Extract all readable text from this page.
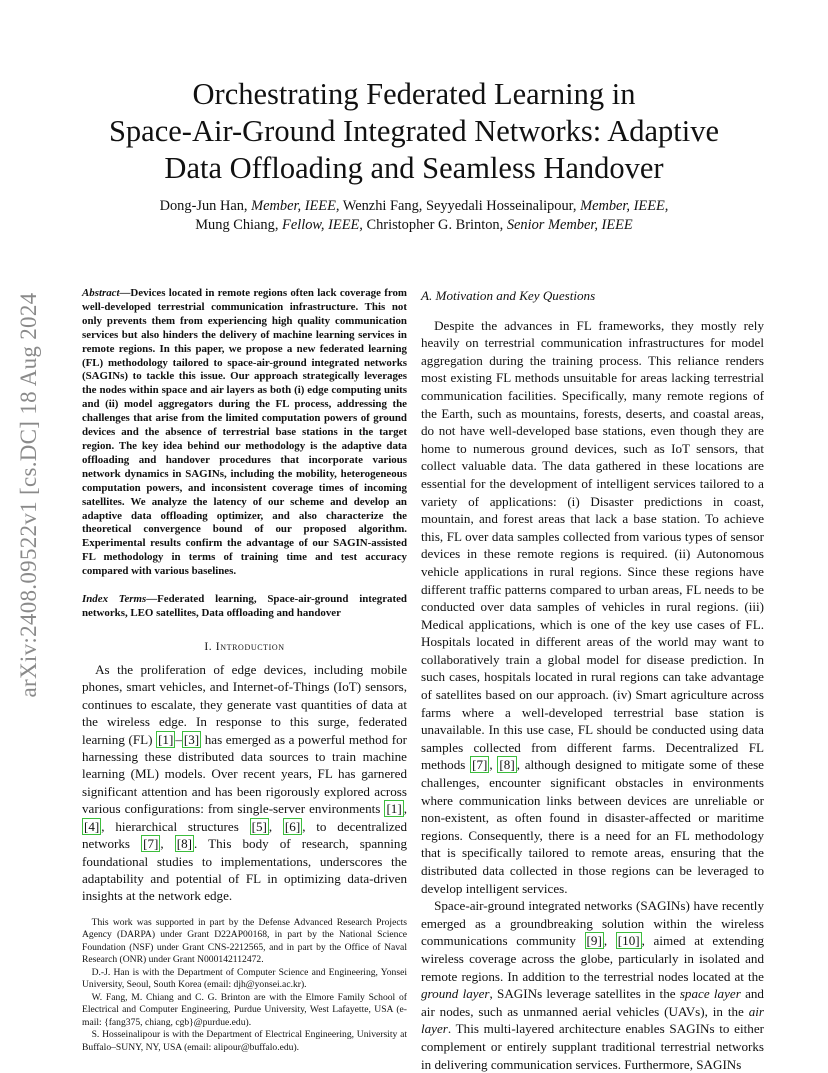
arXiv:2408.09522v1 [cs.DC] 18 Aug 2024
Orchestrating Federated Learning in
Space-Air-Ground Integrated Networks: Adaptive
Data Offloading and Seamless Handover
Dong-Jun Han, Member, IEEE, Wenzhi Fang, Seyyedali Hosseinalipour, Member, IEEE,
Mung Chiang, Fellow, IEEE, Christopher G. Brinton, Senior Member, IEEE
Abstract—Devices located in remote regions often lack coverage from well-developed terrestrial communication infrastructure. This not only prevents them from experiencing high quality communication services but also hinders the delivery of machine learning services in remote regions. In this paper, we propose a new federated learning (FL) methodology tailored to space-air-ground integrated networks (SAGINs) to tackle this issue. Our approach strategically leverages the nodes within space and air layers as both (i) edge computing units and (ii) model aggregators during the FL process, addressing the challenges that arise from the limited computation powers of ground devices and the absence of terrestrial base stations in the target region. The key idea behind our methodology is the adaptive data offloading and handover procedures that incorporate various network dynamics in SAGINs, including the mobility, heterogeneous computation powers, and inconsistent coverage times of incoming satellites. We analyze the latency of our scheme and develop an adaptive data offloading optimizer, and also characterize the theoretical convergence bound of our proposed algorithm. Experimental results confirm the advantage of our SAGIN-assisted FL methodology in terms of training time and test accuracy compared with various baselines.
Index Terms—Federated learning, Space-air-ground integrated networks, LEO satellites, Data offloading and handover
I. Introduction

As the proliferation of edge devices, including mobile phones, smart vehicles, and Internet-of-Things (IoT) sensors, continues to escalate, they generate vast quantities of data at the wireless edge. In response to this surge, federated learning (FL) [1] – [3] has emerged as a powerful method for harnessing these distributed data sources to train machine learning (ML) models. Over recent years, FL has garnered significant attention and has been rigorously explored across various configurations: from single-server environments [1] , [4] , hierarchical structures [5] , [6] , to decentralized networks [7] , [8] . This body of research, spanning foundational studies to implementations, underscores the adaptability and potential of FL in optimizing data-driven insights at the network edge.

This work was supported in part by the Defense Advanced Research Projects Agency (DARPA) under Grant D22AP00168, in part by the National Science Foundation (NSF) under Grant CNS-2212565, and in part by the Office of Naval Research (ONR) under Grant N000142112472.

D.-J. Han is with the Department of Computer Science and Engineering, Yonsei University, Seoul, South Korea (email: djh@yonsei.ac.kr).

W. Fang, M. Chiang and C. G. Brinton are with the Elmore Family School of Electrical and Computer Engineering, Purdue University, West Lafayette, USA (e-mail: {fang375, chiang, cgb}@purdue.edu).

S. Hosseinalipour is with the Department of Electrical Engineering, University at Buffalo–SUNY, NY, USA (email: alipour@buffalo.edu).

A. Motivation and Key Questions

Despite the advances in FL frameworks, they mostly rely heavily on terrestrial communication infrastructures for model aggregation during the training process. This reliance renders most existing FL methods unsuitable for areas lacking terrestrial communication facilities. Specifically, many remote regions of the Earth, such as mountains, forests, deserts, and coastal areas, do not have well-developed base stations, even though they are home to numerous ground devices, such as IoT sensors, that collect valuable data. The data gathered in these locations are essential for the development of intelligent services tailored to a variety of applications: (i) Disaster predictions in coast, mountain, and forest areas that lack a base station. To achieve this, FL over data samples collected from various types of sensor devices in these remote regions is required. (ii) Autonomous vehicle applications in rural regions. Since these regions have different traffic patterns compared to urban areas, FL needs to be conducted over data samples of vehicles in rural regions. (iii) Medical applications, which is one of the key use cases of FL. Hospitals located in different areas of the world may want to collaboratively train a global model for disease prediction. In such cases, hospitals located in rural regions can take advantage of satellites based on our approach. (iv) Smart agriculture across farms where a well-developed terrestrial base station is unavailable. In this use case, FL should be conducted using data samples collected from different farms. Decentralized FL methods [7] , [8] , although designed to mitigate some of these challenges, encounter significant obstacles in environments where communication links between devices are unreliable or non-existent, as often found in disaster-affected or maritime regions. Consequently, there is a need for an FL methodology that is specifically tailored to remote areas, ensuring that the distributed data collected in those regions can be leveraged to develop intelligent services.

Space-air-ground integrated networks (SAGINs) have recently emerged as a groundbreaking solution within the wireless communications community [9] , [10] , aimed at extending wireless coverage across the globe, particularly in isolated and remote regions. In addition to the terrestrial nodes located at the ground layer, SAGINs leverage satellites in the space layer and air nodes, such as unmanned aerial vehicles (UAVs), in the air layer. This multi-layered architecture enables SAGINs to either complement or entirely supplant traditional terrestrial networks in delivering communication services. Furthermore, SAGINs
